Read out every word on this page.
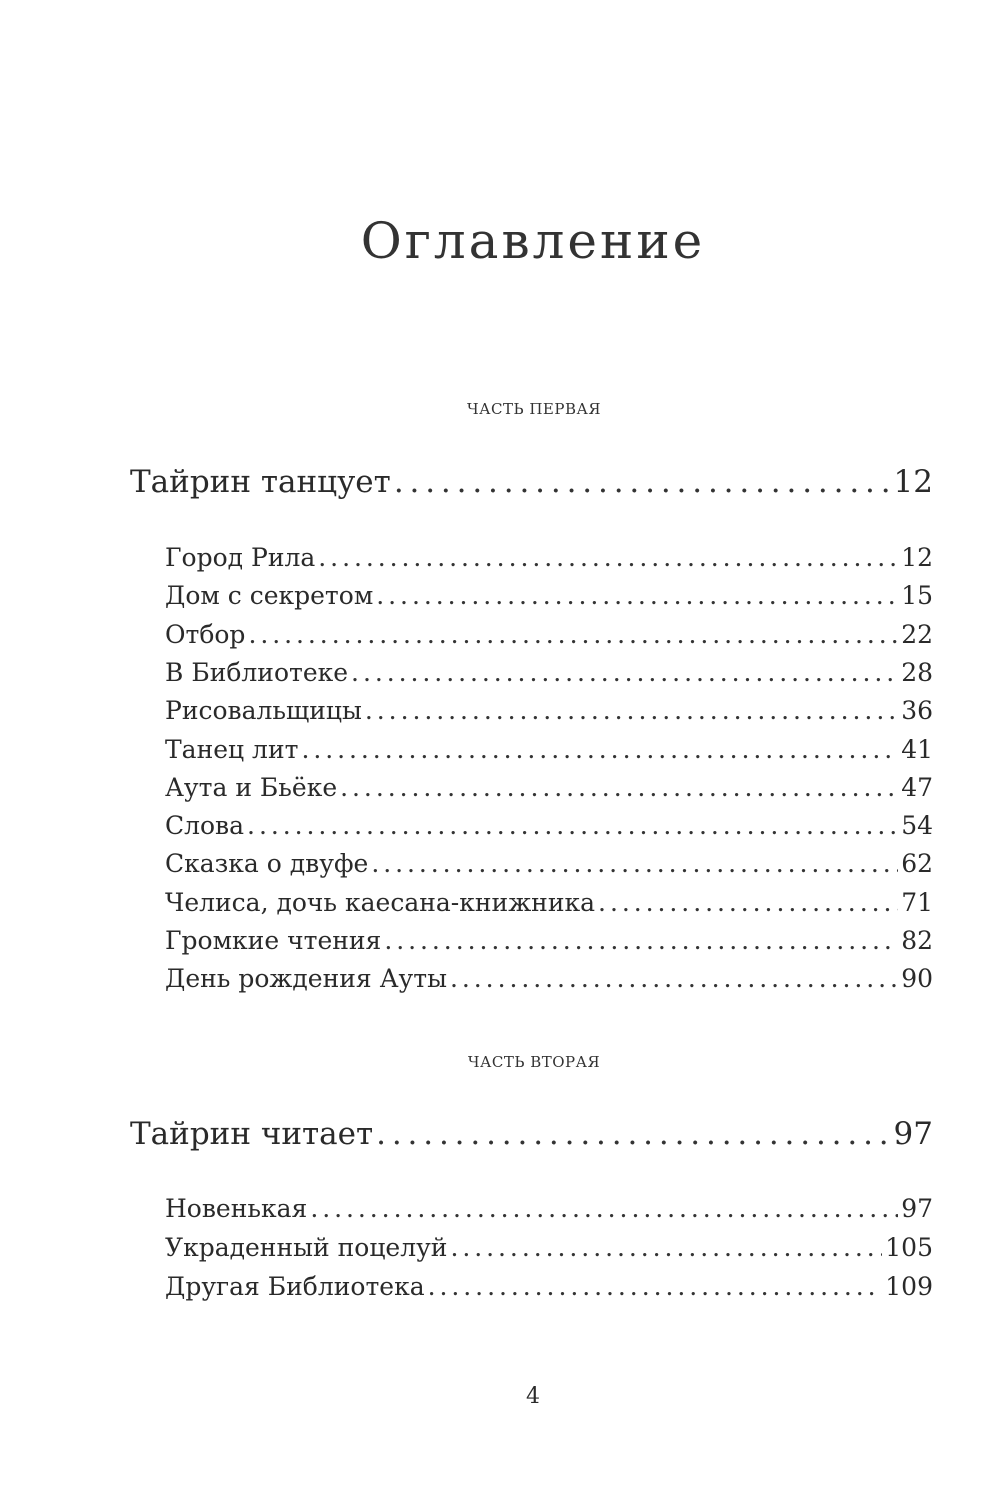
Оглавление
ЧАСТЬ ПЕРВАЯ
Тайрин танцует . . .	12
Город Рила . . .	12
Дом с секретом . . .	15
Отбор . . .	22
В Библиотеке . . .	28
Рисовальщицы . . .	36
Танец лит . . .	41
Аута и Бьёке . . .	47
Слова . . .	54
Сказка о двуфе . . .	62
Челиса, дочь каесана-книжника . . .	71
Громкие чтения . . .	82
День рождения Ауты . . .	90
ЧАСТЬ ВТОРАЯ
Тайрин читает . . .	97
Новенькая . . .	97
Украденный поцелуй . . .	105
Другая Библиотека . . .	109
4
